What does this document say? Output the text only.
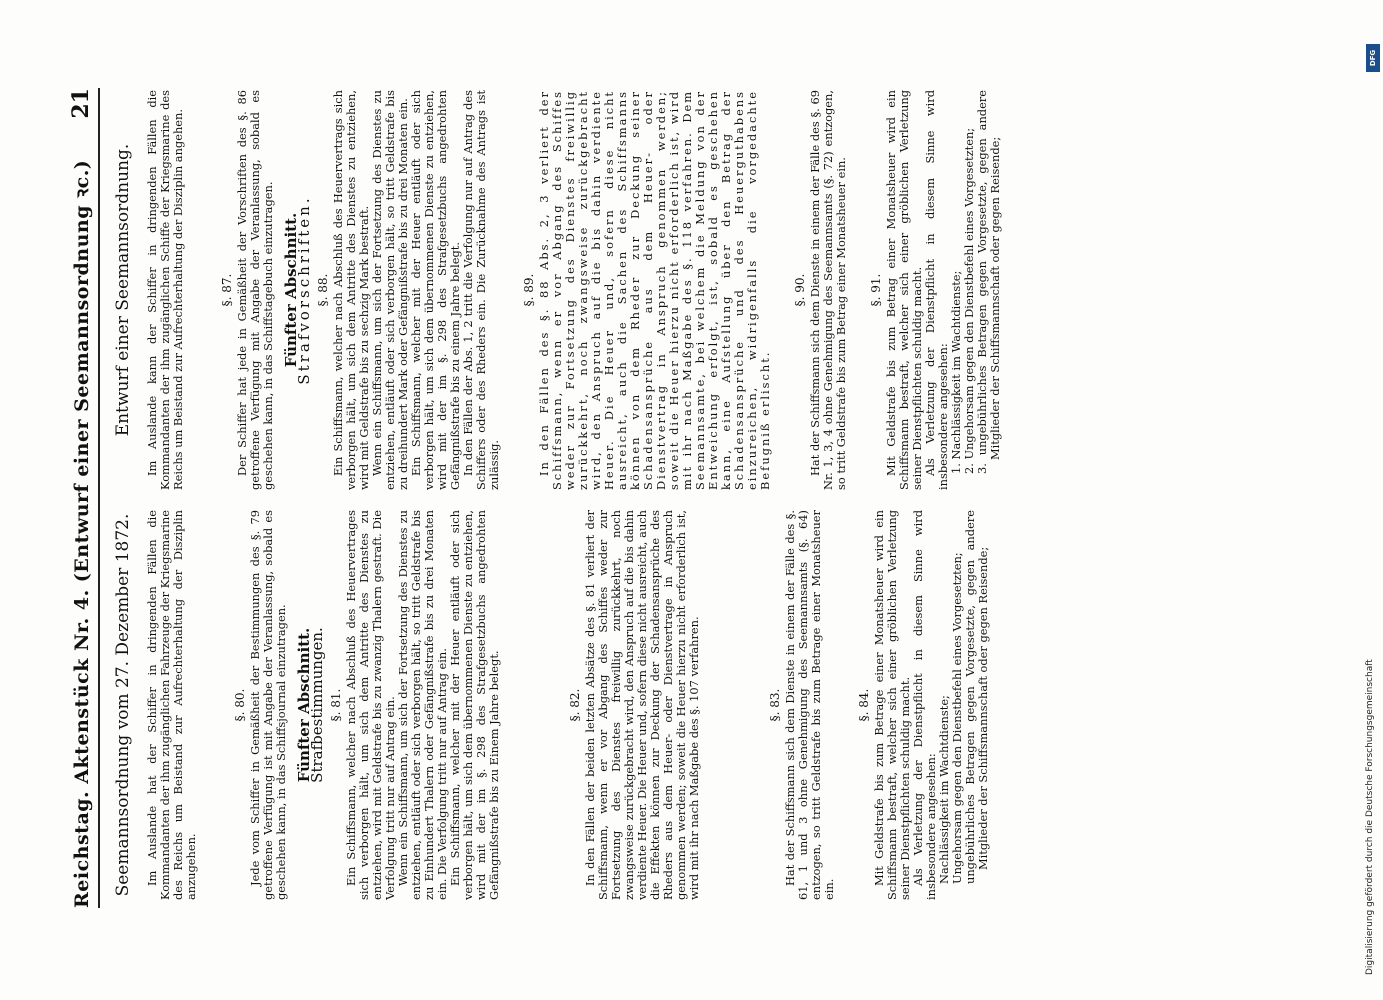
Reichstag. Aktenstück Nr. 4. (Entwurf einer Seemannsordnung ꝛc.)
21
Seemannsordnung vom 27. Dezember 1872. Im Auslande hat der Schiffer in dringenden Fällen die Kommandanten der ihm zugänglichen Fahrzeuge der Kriegsmarine des Reichs um Beistand zur Aufrechterhaltung der Disziplin anzugehen.

§. 80. Jede vom Schiffer in Gemäßheit der Bestimmungen des §. 79 getroffene Verfügung ist mit Angabe der Veranlassung, sobald es geschehen kann, in das Schiffsjournal einzutragen. Fünfter Abschnitt.
Strafbestimmungen. §. 81. Ein Schiffsmann, welcher nach Abschluß des Heuervertrages sich verborgen hält, um sich dem Antritte des Dienstes zu entziehen, wird mit Geldstrafe bis zu zwanzig Thalern gestraft. Die Verfolgung tritt nur auf Antrag ein. Wenn ein Schiffsmann, um sich der Fortsetzung des Dienstes zu entziehen, entläuft oder sich verborgen hält, so tritt Geldstrafe bis zu Einhundert Thalern oder Gefängnißstrafe bis zu drei Monaten ein. Die Verfolgung tritt nur auf Antrag ein. Ein Schiffsmann, welcher mit der Heuer entläuft oder sich verborgen hält, um sich dem übernommenen Dienste zu entziehen, wird mit der im §. 298 des Strafgesetzbuchs angedrohten Gefängnißstrafe bis zu Einem Jahre belegt.	§. 82. In den Fällen der beiden letzten Absätze des §. 81 verliert der Schiffsmann, wenn er vor Abgang des Schiffes weder zur Fortsetzung des Dienstes freiwillig zurückkehrt, noch zwangsweise zurückgebracht wird, den Anspruch auf die bis dahin verdiente Heuer. Die Heuer und, sofern diese nicht ausreicht, auch die Effekten können zur Deckung der Schadensansprüche des Rheders aus dem Heuer- oder Dienstvertrage in Anspruch genommen werden; soweit die Heuer hierzu nicht erforderlich ist, wird mit ihr nach Maßgabe des §. 107 verfahren.	§. 83. Hat der Schiffsmann sich dem Dienste in einem der Fälle des §. 61, 1 und 3 ohne Genehmigung des Seemannsamts (§. 64) entzogen, so tritt Geldstrafe bis zum Betrage einer Monatsheuer ein.

§. 84. Mit Geldstrafe bis zum Betrage einer Monatsheuer wird ein Schiffsmann bestraft, welcher sich einer gröblichen Verletzung seiner Dienstpflichten schuldig macht. Als Verletzung der Dienstpflicht in diesem Sinne wird insbesondere angesehen: Nachlässigkeit im Wachtdienste; Ungehorsam gegen den Dienstbefehl eines Vorgesetzten; ungebührliches Betragen gegen Vorgesetzte, gegen andere Mitglieder der Schiffsmannschaft oder gegen Reisende;
Entwurf einer Seemannsordnung. Im Auslande kann der Schiffer in dringenden Fällen die Kommandanten der ihm zugänglichen Schiffe der Kriegsmarine des Reichs um Beistand zur Aufrechterhaltung der Disziplin angehen.	§. 87. Der Schiffer hat jede in Gemäßheit der Vorschriften des §. 86 getroffene Verfügung mit Angabe der Veranlassung, sobald es geschehen kann, in das Schiffstagebuch einzutragen. Fünfter Abschnitt.
Strafvorschriften. §. 88. Ein Schiffsmann, welcher nach Abschluß des Heuervertrags sich verborgen hält, um sich dem Antritte des Dienstes zu entziehen, wird mit Geldstrafe bis zu sechzig Mark bestraft. Wenn ein Schiffsmann, um sich der Fortsetzung des Dienstes zu entziehen, entläuft oder sich verborgen hält, so tritt Geldstrafe bis zu dreihundert Mark oder Gefängnißstrafe bis zu drei Monaten ein. Ein Schiffsmann, welcher mit der Heuer entläuft oder sich verborgen hält, um sich dem übernommenen Dienste zu entziehen, wird mit der im §. 298 des Strafgesetzbuchs angedrohten Gefängnißstrafe bis zu einem Jahre belegt. In den Fällen der Abs. 1, 2 tritt die Verfolgung nur auf Antrag des Schiffers oder des Rheders ein. Die Zurücknahme des Antrags ist zulässig.

§. 89. In den Fällen des §. 88 Abs. 2, 3 verliert der Schiffsmann, wenn er vor Abgang des Schiffes weder zur Fortsetzung des Dienstes freiwillig zurückkehrt, noch zwangsweise zurückgebracht wird, den Anspruch auf die bis dahin verdiente Heuer. Die Heuer und, sofern diese nicht ausreicht, auch die Sachen des Schiffsmanns können von dem Rheder zur Deckung seiner Schadensansprüche aus dem Heuer- oder Dienstvertrag in Anspruch genommen werden; soweit die Heuer hierzu nicht erforderlich ist, wird mit ihr nach Maßgabe des §. 118 verfahren. Dem Seemannsamte, bei welchem die Meldung von der Entweichung erfolgt, ist, sobald es geschehen kann, eine Aufstellung über den Betrag der Schadensansprüche und des Heuerguthabens einzureichen, widrigenfalls die vorgedachte Befugniß erlischt.

§. 90. Hat der Schiffsmann sich dem Dienste in einem der Fälle des §. 69 Nr. 1, 3, 4 ohne Genehmigung des Seemannsamts (§. 72) entzogen, so tritt Geldstrafe bis zum Betrag einer Monatsheuer ein. §. 91. Mit Geldstrafe bis zum Betrag einer Monatsheuer wird ein Schiffsmann bestraft, welcher sich einer gröblichen Verletzung seiner Dienstpflichten schuldig macht. Als Verletzung der Dienstpflicht in diesem Sinne wird insbesondere angesehen: 1. Nachlässigkeit im Wachtdienste; 2. Ungehorsam gegen den Dienstbefehl eines Vorgesetzten; 3. ungebührliches Betragen gegen Vorgesetzte, gegen andere Mitglieder der Schiffsmannschaft oder gegen Reisende;
DFG
Digitalisierung gefördert durch die Deutsche Forschungsgemeinschaft
